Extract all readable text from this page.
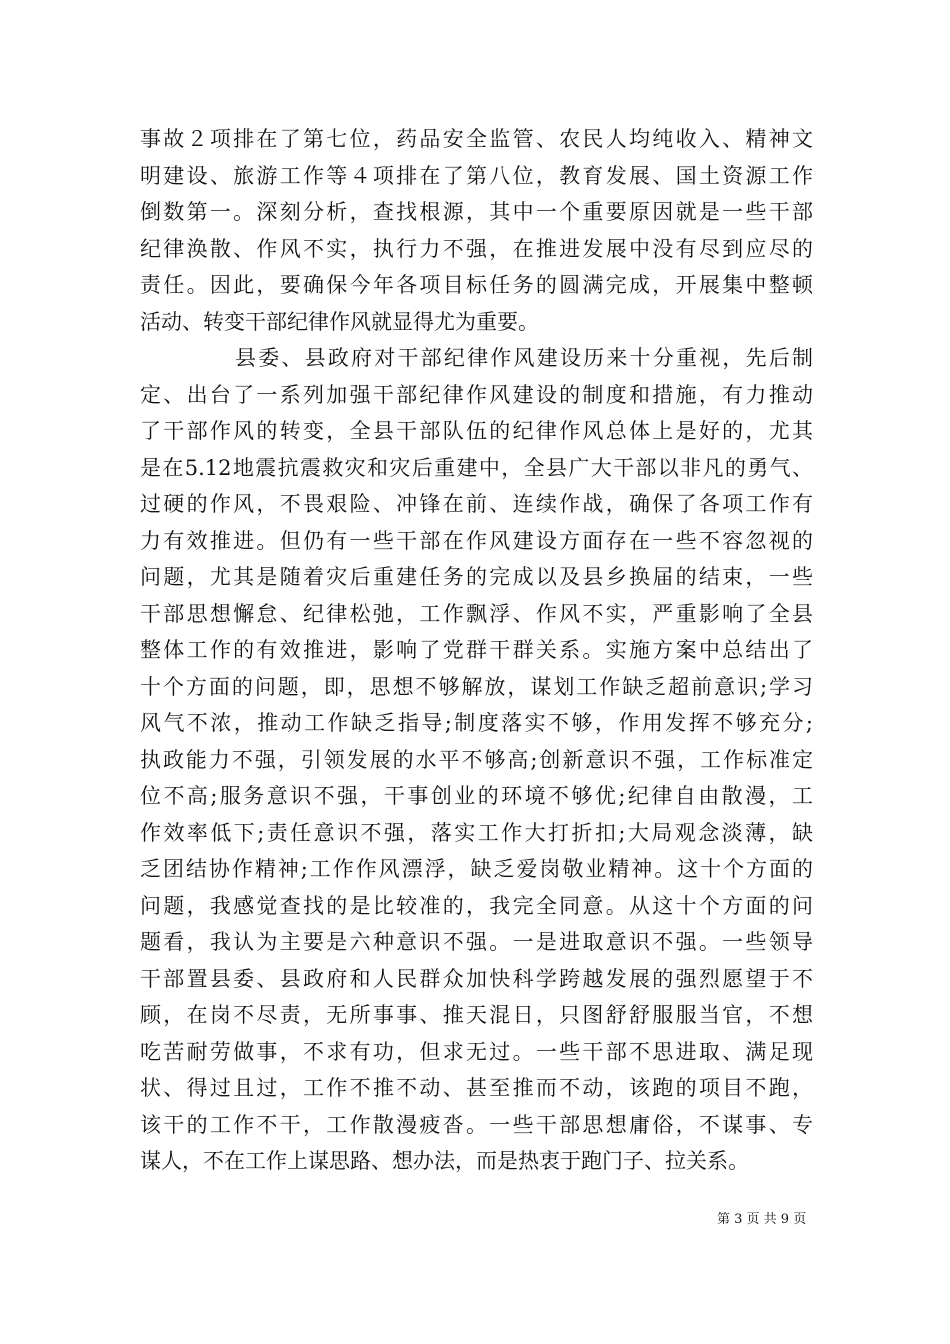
事故２项排在了第七位，药品安全监管、农民人均纯收入、精神文
明建设、旅游工作等４项排在了第八位，教育发展、国土资源工作
倒数第一。深刻分析，查找根源，其中一个重要原因就是一些干部
纪律涣散、作风不实，执行力不强，在推进发展中没有尽到应尽的
责任。因此，要确保今年各项目标任务的圆满完成，开展集中整顿
活动、转变干部纪律作风就显得尤为重要。
县委、县政府对干部纪律作风建设历来十分重视，先后制
定、出台了一系列加强干部纪律作风建设的制度和措施，有力推动
了干部作风的转变，全县干部队伍的纪律作风总体上是好的，尤其
是在5.12地震抗震救灾和灾后重建中，全县广大干部以非凡的勇气、
过硬的作风，不畏艰险、冲锋在前、连续作战，确保了各项工作有
力有效推进。但仍有一些干部在作风建设方面存在一些不容忽视的
问题，尤其是随着灾后重建任务的完成以及县乡换届的结束，一些
干部思想懈怠、纪律松弛，工作飘浮、作风不实，严重影响了全县
整体工作的有效推进，影响了党群干群关系。实施方案中总结出了
十个方面的问题，即，思想不够解放，谋划工作缺乏超前意识;学习
风气不浓，推动工作缺乏指导;制度落实不够，作用发挥不够充分;
执政能力不强，引领发展的水平不够高;创新意识不强，工作标准定
位不高;服务意识不强，干事创业的环境不够优;纪律自由散漫，工
作效率低下;责任意识不强，落实工作大打折扣;大局观念淡薄，缺
乏团结协作精神;工作作风漂浮，缺乏爱岗敬业精神。这十个方面的
问题，我感觉查找的是比较准的，我完全同意。从这十个方面的问
题看，我认为主要是六种意识不强。一是进取意识不强。一些领导
干部置县委、县政府和人民群众加快科学跨越发展的强烈愿望于不
顾，在岗不尽责，无所事事、推天混日，只图舒舒服服当官，不想
吃苦耐劳做事，不求有功，但求无过。一些干部不思进取、满足现
状、得过且过，工作不推不动、甚至推而不动，该跑的项目不跑，
该干的工作不干，工作散漫疲沓。一些干部思想庸俗，不谋事、专
谋人，不在工作上谋思路、想办法，而是热衷于跑门子、拉关系。
第 3 页 共 9 页
